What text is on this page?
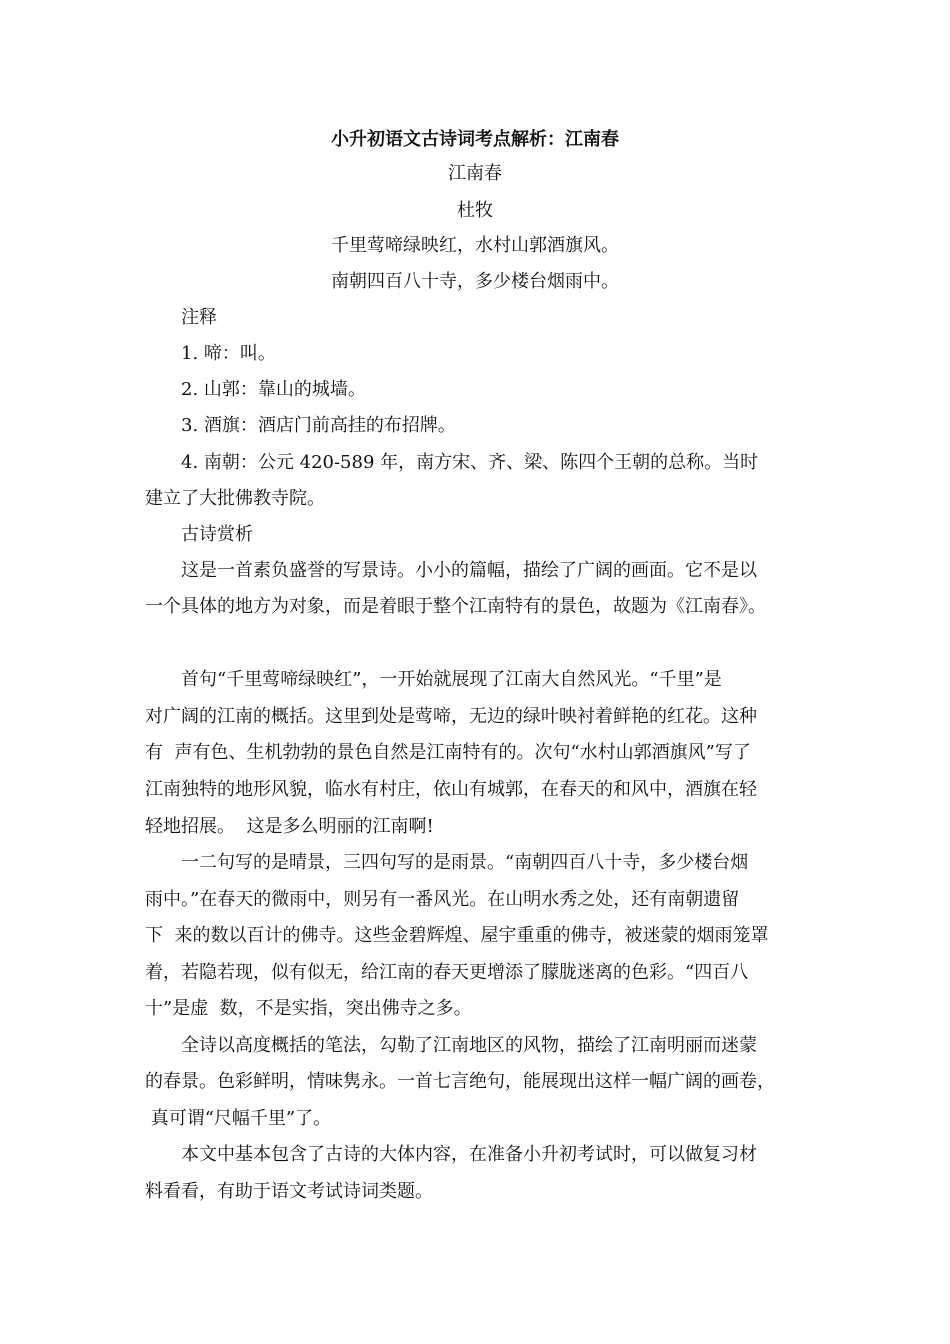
小升初语文古诗词考点解析：江南春
江南春
杜牧
千里莺啼绿映红，水村山郭酒旗风。
南朝四百八十寺，多少楼台烟雨中。
注释
1. 啼：叫。
2. 山郭：靠山的城墙。
3. 酒旗：酒店门前高挂的布招牌。
4. 南朝：公元 420-589 年，南方宋、齐、梁、陈四个王朝的总称。当时
建立了大批佛教寺院。
古诗赏析
这是一首素负盛誉的写景诗。小小的篇幅，描绘了广阔的画面。它不是以
一个具体的地方为对象，而是着眼于整个江南特有的景色，故题为《江南春》。
首句“千里莺啼绿映红”，一开始就展现了江南大自然风光。“千里”是
对广阔的江南的概括。这里到处是莺啼，无边的绿叶映衬着鲜艳的红花。这种
有  声有色、生机勃勃的景色自然是江南特有的。次句“水村山郭酒旗风”写了
江南独特的地形风貌，临水有村庄，依山有城郭，在春天的和风中，酒旗在轻
轻地招展。  这是多么明丽的江南啊!
一二句写的是晴景，三四句写的是雨景。“南朝四百八十寺，多少楼台烟
雨中。”在春天的微雨中，则另有一番风光。在山明水秀之处，还有南朝遗留
下  来的数以百计的佛寺。这些金碧辉煌、屋宇重重的佛寺，被迷蒙的烟雨笼罩
着，若隐若现，似有似无，给江南的春天更增添了朦胧迷离的色彩。“四百八
十”是虚  数，不是实指，突出佛寺之多。
全诗以高度概括的笔法，勾勒了江南地区的风物，描绘了江南明丽而迷蒙
的春景。色彩鲜明，情味隽永。一首七言绝句，能展现出这样一幅广阔的画卷，
真可谓“尺幅千里”了。
本文中基本包含了古诗的大体内容，在准备小升初考试时，可以做复习材
料看看，有助于语文考试诗词类题。
